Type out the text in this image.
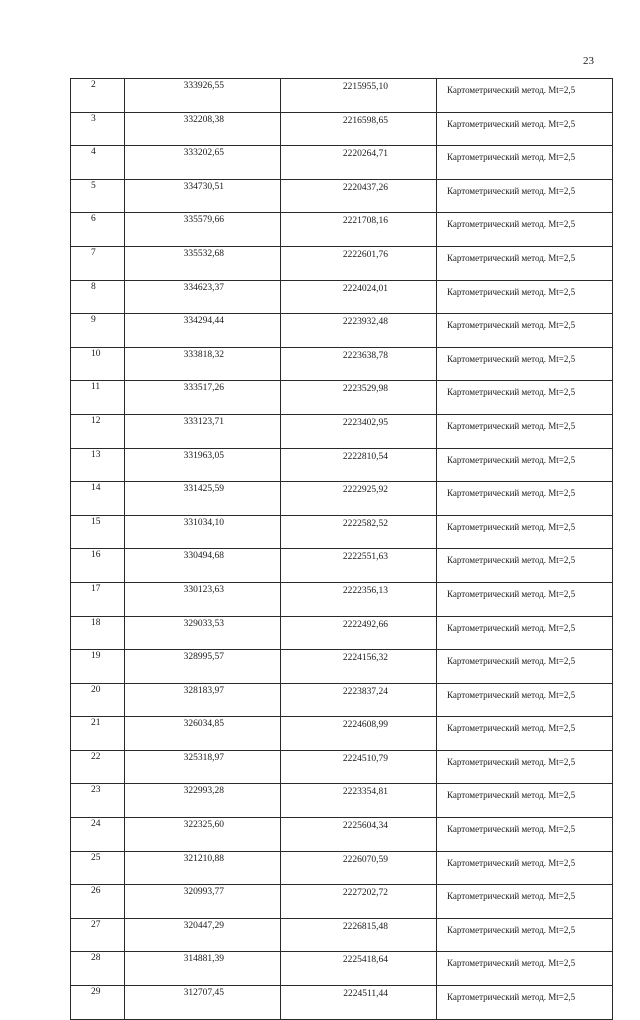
23
2	333926,55	2215955,10	Картометрический метод. Mt=2,5
3	332208,38	2216598,65	Картометрический метод. Mt=2,5
4	333202,65	2220264,71	Картометрический метод. Mt=2,5
5	334730,51	2220437,26	Картометрический метод. Mt=2,5
6	335579,66	2221708,16	Картометрический метод. Mt=2,5
7	335532,68	2222601,76	Картометрический метод. Mt=2,5
8	334623,37	2224024,01	Картометрический метод. Mt=2,5
9	334294,44	2223932,48	Картометрический метод. Mt=2,5
10	333818,32	2223638,78	Картометрический метод. Mt=2,5
11	333517,26	2223529,98	Картометрический метод. Mt=2,5
12	333123,71	2223402,95	Картометрический метод. Mt=2,5
13	331963,05	2222810,54	Картометрический метод. Mt=2,5
14	331425,59	2222925,92	Картометрический метод. Mt=2,5
15	331034,10	2222582,52	Картометрический метод. Mt=2,5
16	330494,68	2222551,63	Картометрический метод. Mt=2,5
17	330123,63	2222356,13	Картометрический метод. Mt=2,5
18	329033,53	2222492,66	Картометрический метод. Mt=2,5
19	328995,57	2224156,32	Картометрический метод. Mt=2,5
20	328183,97	2223837,24	Картометрический метод. Mt=2,5
21	326034,85	2224608,99	Картометрический метод. Mt=2,5
22	325318,97	2224510,79	Картометрический метод. Mt=2,5
23	322993,28	2223354,81	Картометрический метод. Mt=2,5
24	322325,60	2225604,34	Картометрический метод. Mt=2,5
25	321210,88	2226070,59	Картометрический метод. Mt=2,5
26	320993,77	2227202,72	Картометрический метод. Mt=2,5
27	320447,29	2226815,48	Картометрический метод. Mt=2,5
28	314881,39	2225418,64	Картометрический метод. Mt=2,5
29	312707,45	2224511,44	Картометрический метод. Mt=2,5
